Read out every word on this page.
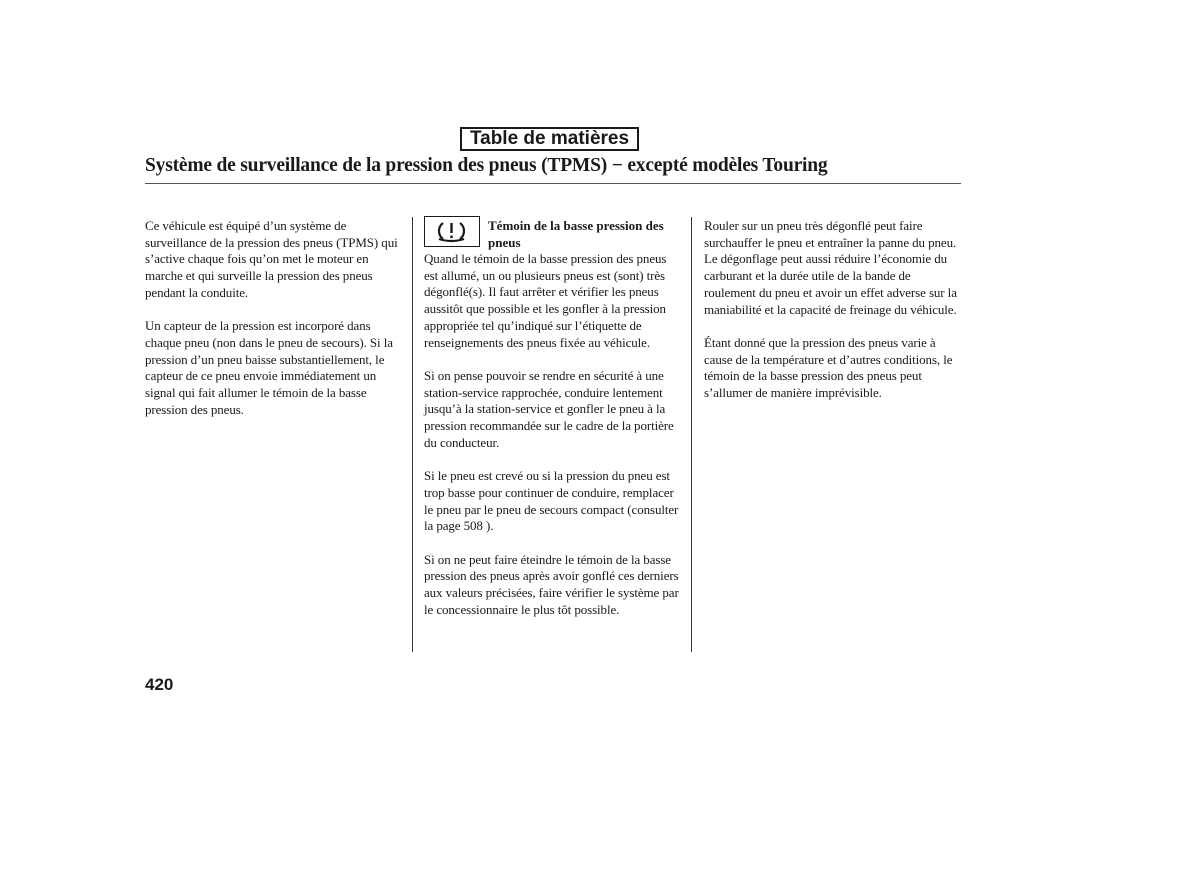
Table de matières
Système de surveillance de la pression des pneus (TPMS) − excepté modèles Touring

Ce véhicule est équipé d’un système de surveillance de la pression des pneus (TPMS) qui s’active chaque fois qu’on met le moteur en marche et qui surveille la pression des pneus pendant la conduite.

Un capteur de la pression est incorporé dans chaque pneu (non dans le pneu de secours). Si la pression d’un pneu baisse substantiellement, le capteur de ce pneu envoie immédiatement un signal qui fait allumer le témoin de la basse pression des pneus.

Témoin de la basse pression des pneus

Quand le témoin de la basse pression des pneus est allumé, un ou plusieurs pneus est (sont) très dégonflé(s). Il faut arrêter et vérifier les pneus aussitôt que possible et les gonfler à la pression appropriée tel qu’indiqué sur l’étiquette de renseignements des pneus fixée au véhicule.

Si on pense pouvoir se rendre en sécurité à une station-service rapprochée, conduire lentement jusqu’à la station-service et gonfler le pneu à la pression recommandée sur le cadre de la portière du conducteur.

Si le pneu est crevé ou si la pression du pneu est trop basse pour continuer de conduire, remplacer le pneu par le pneu de secours compact (consulter la page 508 ).

Si on ne peut faire éteindre le témoin de la basse pression des pneus après avoir gonflé ces derniers aux valeurs précisées, faire vérifier le système par le concessionnaire le plus tôt possible.

Rouler sur un pneu très dégonflé peut faire surchauffer le pneu et entraîner la panne du pneu. Le dégonflage peut aussi réduire l’économie du carburant et la durée utile de la bande de roulement du pneu et avoir un effet adverse sur la maniabilité et la capacité de freinage du véhicule.

Étant donné que la pression des pneus varie à cause de la température et d’autres conditions, le témoin de la basse pression des pneus peut s’allumer de manière imprévisible.

420
